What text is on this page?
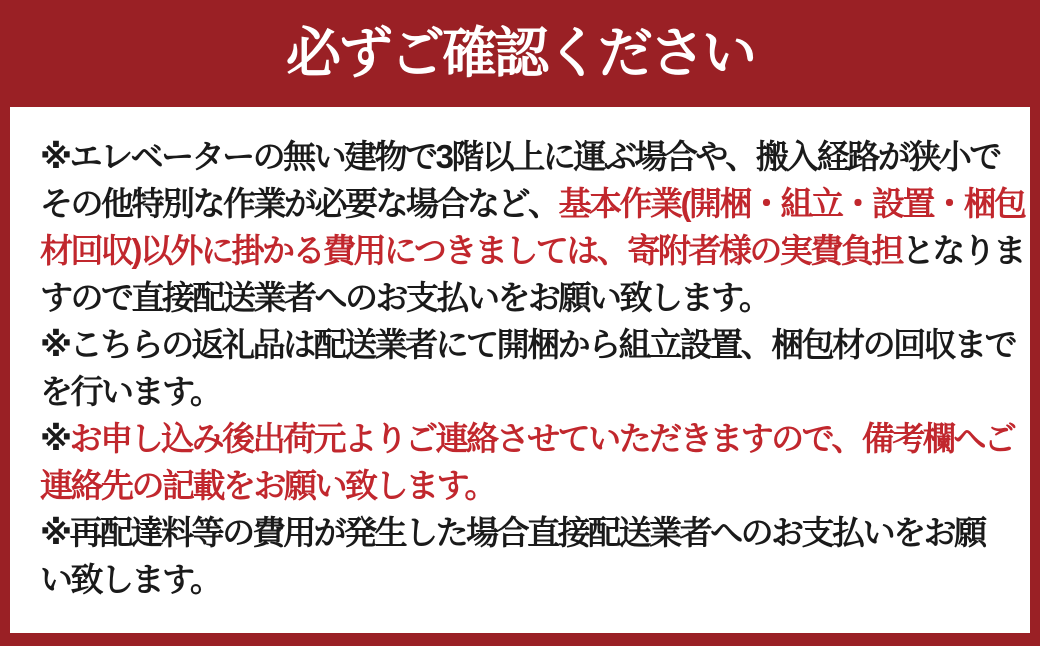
必ずご確認ください
※エレベーターの無い建物で3階以上に運ぶ場合や、搬入経路が狭小で
その他特別な作業が必要な場合など、基本作業(開梱・組立・設置・梱包
材回収)以外に掛かる費用につきましては、寄附者様の実費負担となりま
すので直接配送業者へのお支払いをお願い致します。
※こちらの返礼品は配送業者にて開梱から組立設置、梱包材の回収まで
を行います。
※お申し込み後出荷元よりご連絡させていただきますので、備考欄へご
連絡先の記載をお願い致します。
※再配達料等の費用が発生した場合直接配送業者へのお支払いをお願
い致します。
